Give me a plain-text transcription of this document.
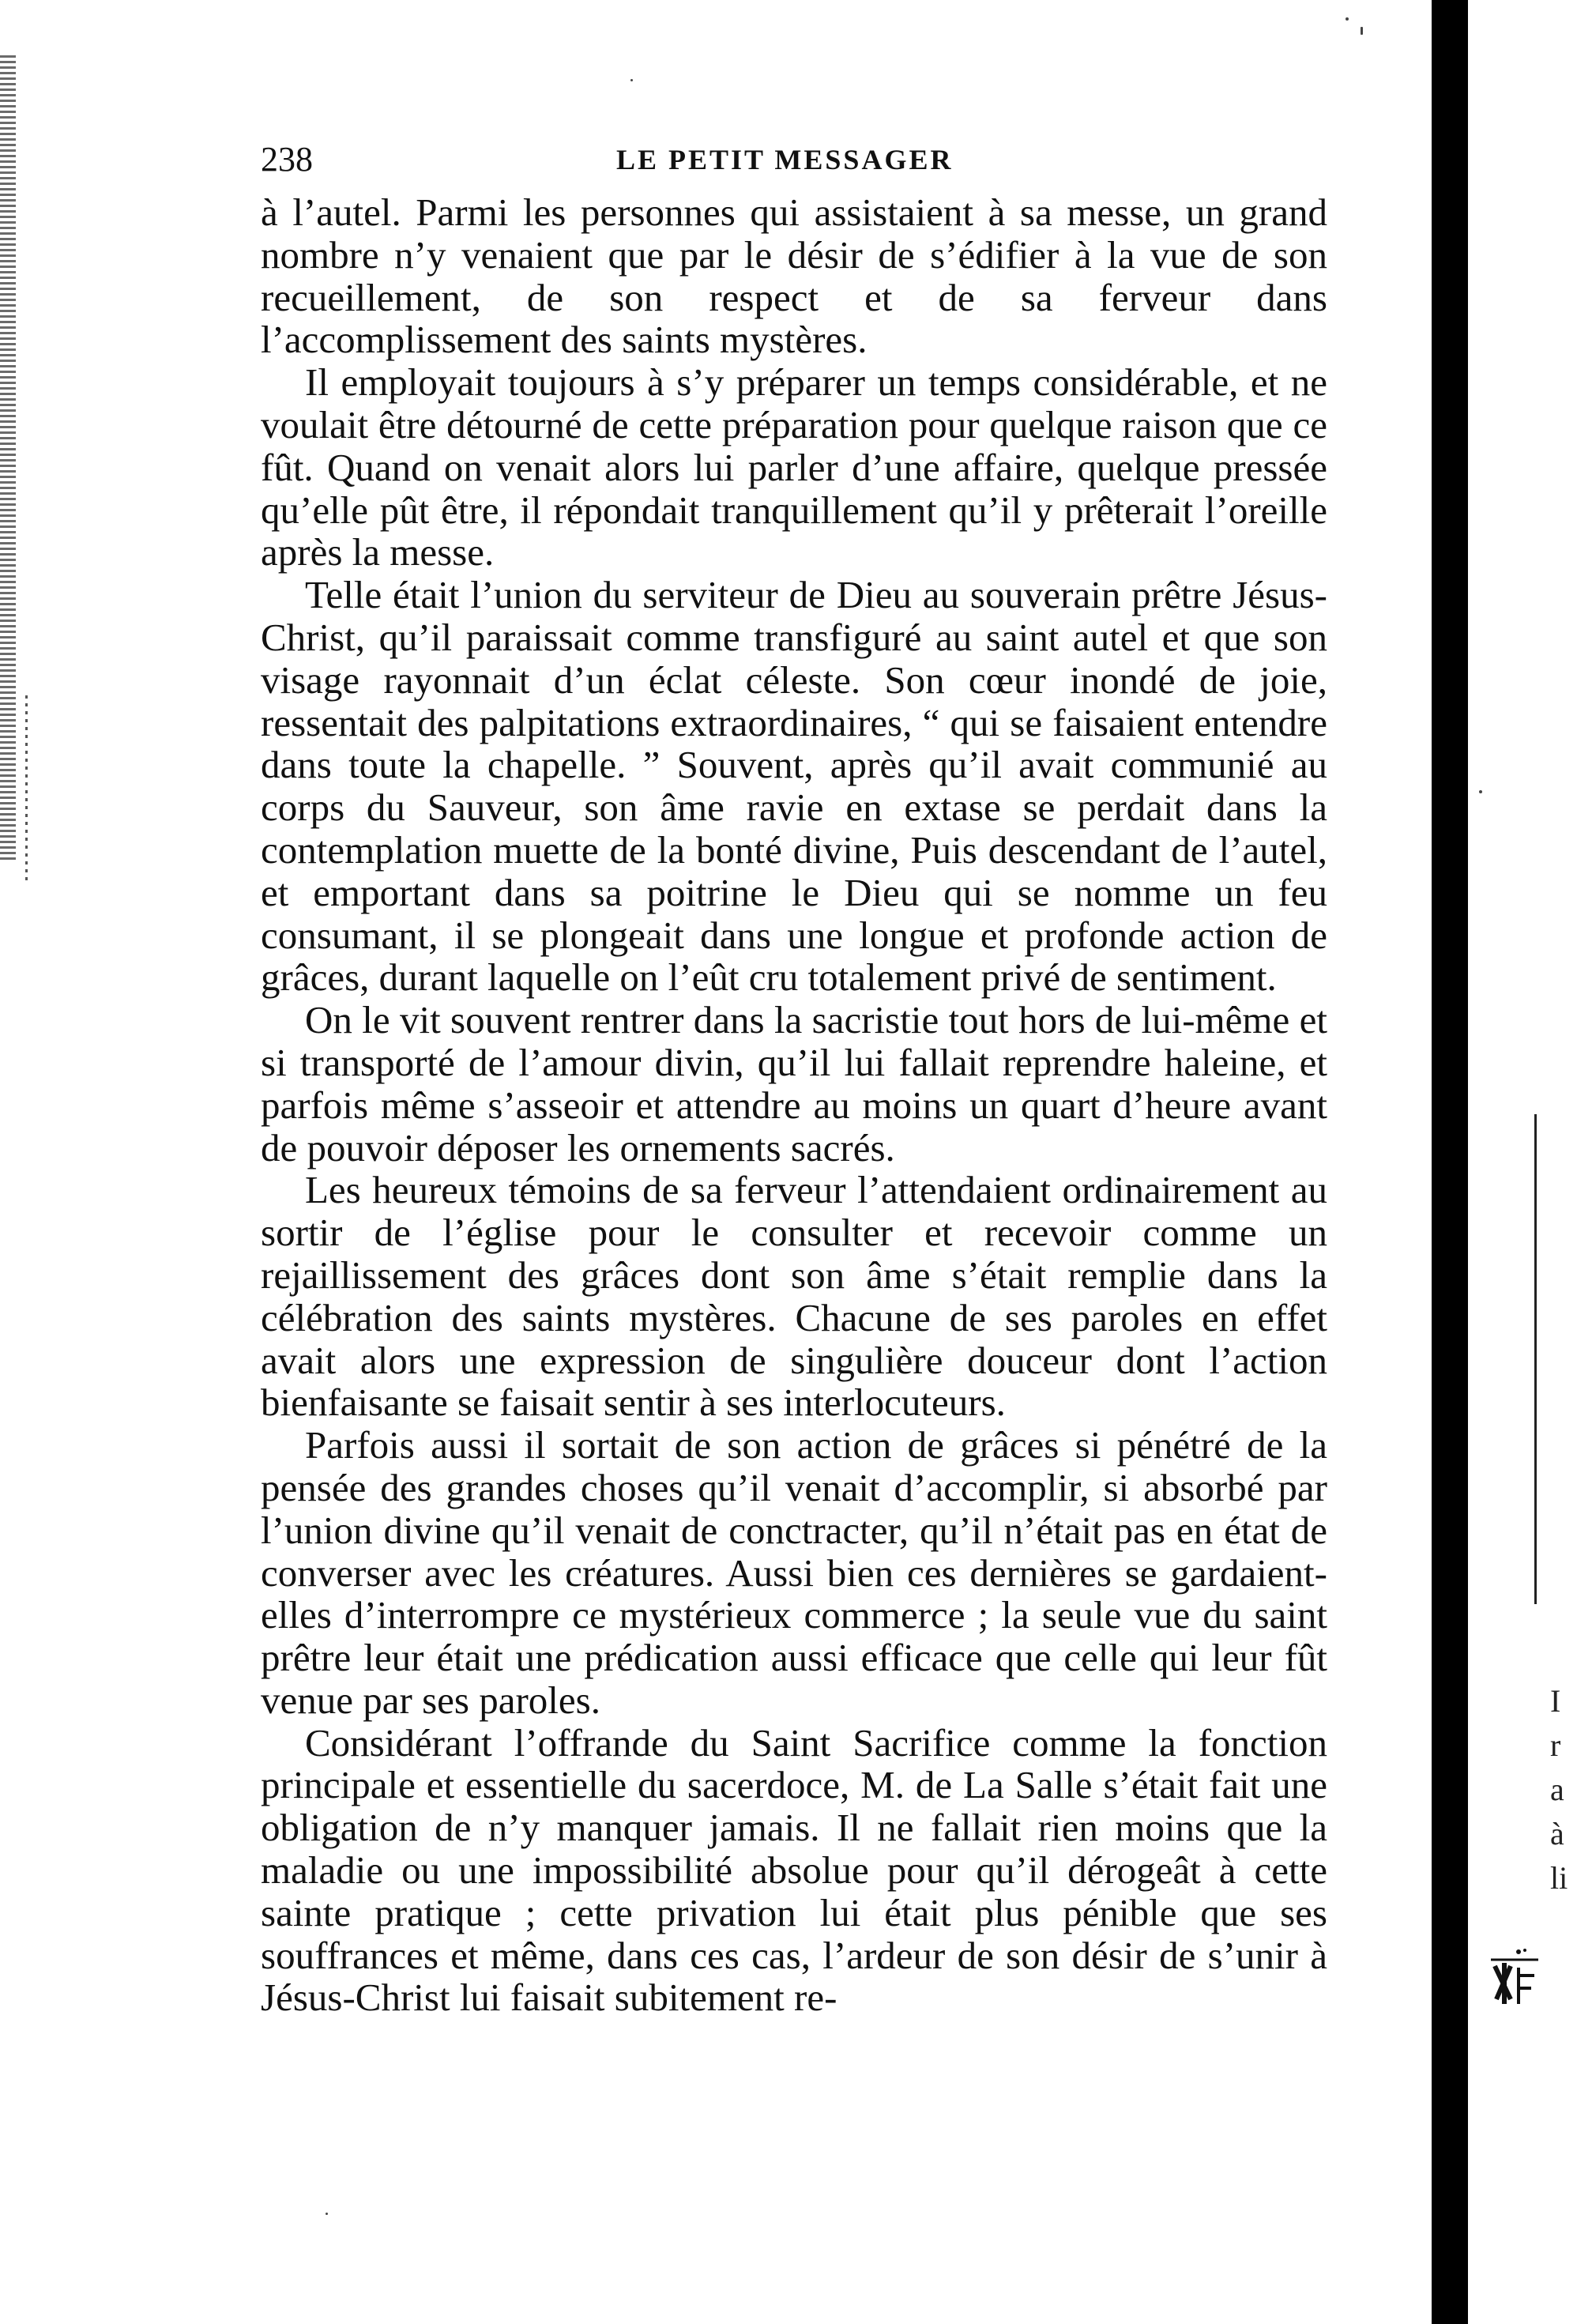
238	LE PETIT MESSAGER

à l’autel. Parmi les personnes qui assistaient à sa messe, un grand nombre n’y venaient que par le désir de s’édifier à la vue de son recueillement, de son respect et de sa ferveur dans l’accomplissement des saints mystères.

Il employait toujours à s’y préparer un temps considérable, et ne voulait être détourné de cette préparation pour quelque raison que ce fût. Quand on venait alors lui parler d’une affaire, quelque pressée qu’elle pût être, il répondait tranquillement qu’il y prêterait l’oreille après la messe.

Telle était l’union du serviteur de Dieu au souverain prêtre Jésus-Christ, qu’il paraissait comme transfiguré au saint autel et que son visage rayonnait d’un éclat céleste. Son cœur inondé de joie, ressentait des palpitations extraordinaires, “ qui se faisaient entendre dans toute la chapelle. ” Souvent, après qu’il avait communié au corps du Sauveur, son âme ravie en extase se perdait dans la contemplation muette de la bonté divine, Puis descendant de l’autel, et emportant dans sa poitrine le Dieu qui se nomme un feu consumant, il se plongeait dans une longue et profonde action de grâces, durant laquelle on l’eût cru totalement privé de sentiment.

On le vit souvent rentrer dans la sacristie tout hors de lui-même et si transporté de l’amour divin, qu’il lui fallait reprendre haleine, et parfois même s’asseoir et attendre au moins un quart d’heure avant de pouvoir déposer les ornements sacrés.

Les heureux témoins de sa ferveur l’attendaient ordinairement au sortir de l’église pour le consulter et recevoir comme un rejaillissement des grâces dont son âme s’était remplie dans la célébration des saints mystères. Chacune de ses paroles en effet avait alors une expression de singulière douceur dont l’action bienfaisante se faisait sentir à ses interlocuteurs.

Parfois aussi il sortait de son action de grâces si pénétré de la pensée des grandes choses qu’il venait d’accomplir, si absorbé par l’union divine qu’il venait de conctracter, qu’il n’était pas en état de converser avec les créatures. Aussi bien ces dernières se gardaient-elles d’interrompre ce mystérieux commerce ; la seule vue du saint prêtre leur était une prédication aussi efficace que celle qui leur fût venue par ses paroles.

Considérant l’offrande du Saint Sacrifice comme la fonction principale et essentielle du sacerdoce, M. de La Salle s’était fait une obligation de n’y manquer jamais. Il ne fallait rien moins que la maladie ou une impossibilité absolue pour qu’il dérogeât à cette sainte pratique ; cette privation lui était plus pénible que ses souffrances et même, dans ces cas, l’ardeur de son désir de s’unir à Jésus-Christ lui faisait subitement re-

I
r
a
à
li
